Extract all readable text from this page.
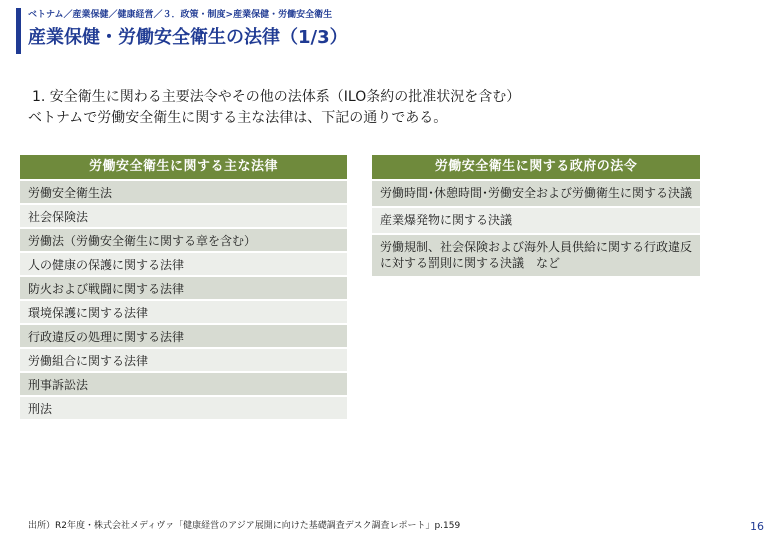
ベトナム／産業保健／健康経営／３．政策・制度>産業保健・労働安全衛生
産業保健・労働安全衛生の法律（1/3）
1. 安全衛生に関わる主要法令やその他の法体系（ILO条約の批准状況を含む）
ベトナムで労働安全衛生に関する主な法律は、下記の通りである。
労働安全衛生に関する主な法律
労働安全衛生法
社会保険法
労働法（労働安全衛生に関する章を含む）
人の健康の保護に関する法律
防火および戦闘に関する法律
環境保護に関する法律
行政違反の処理に関する法律
労働組合に関する法律
刑事訴訟法
刑法
労働安全衛生に関する政府の法令
労働時間･休憩時間･労働安全および労働衛生に関する決議
産業爆発物に関する決議
労働規制、社会保険および海外人員供給に関する行政違反に対する罰則に関する決議　など
出所）R2年度・株式会社メディヴァ「健康経営のアジア展開に向けた基礎調査デスク調査レポート」p.159	16
